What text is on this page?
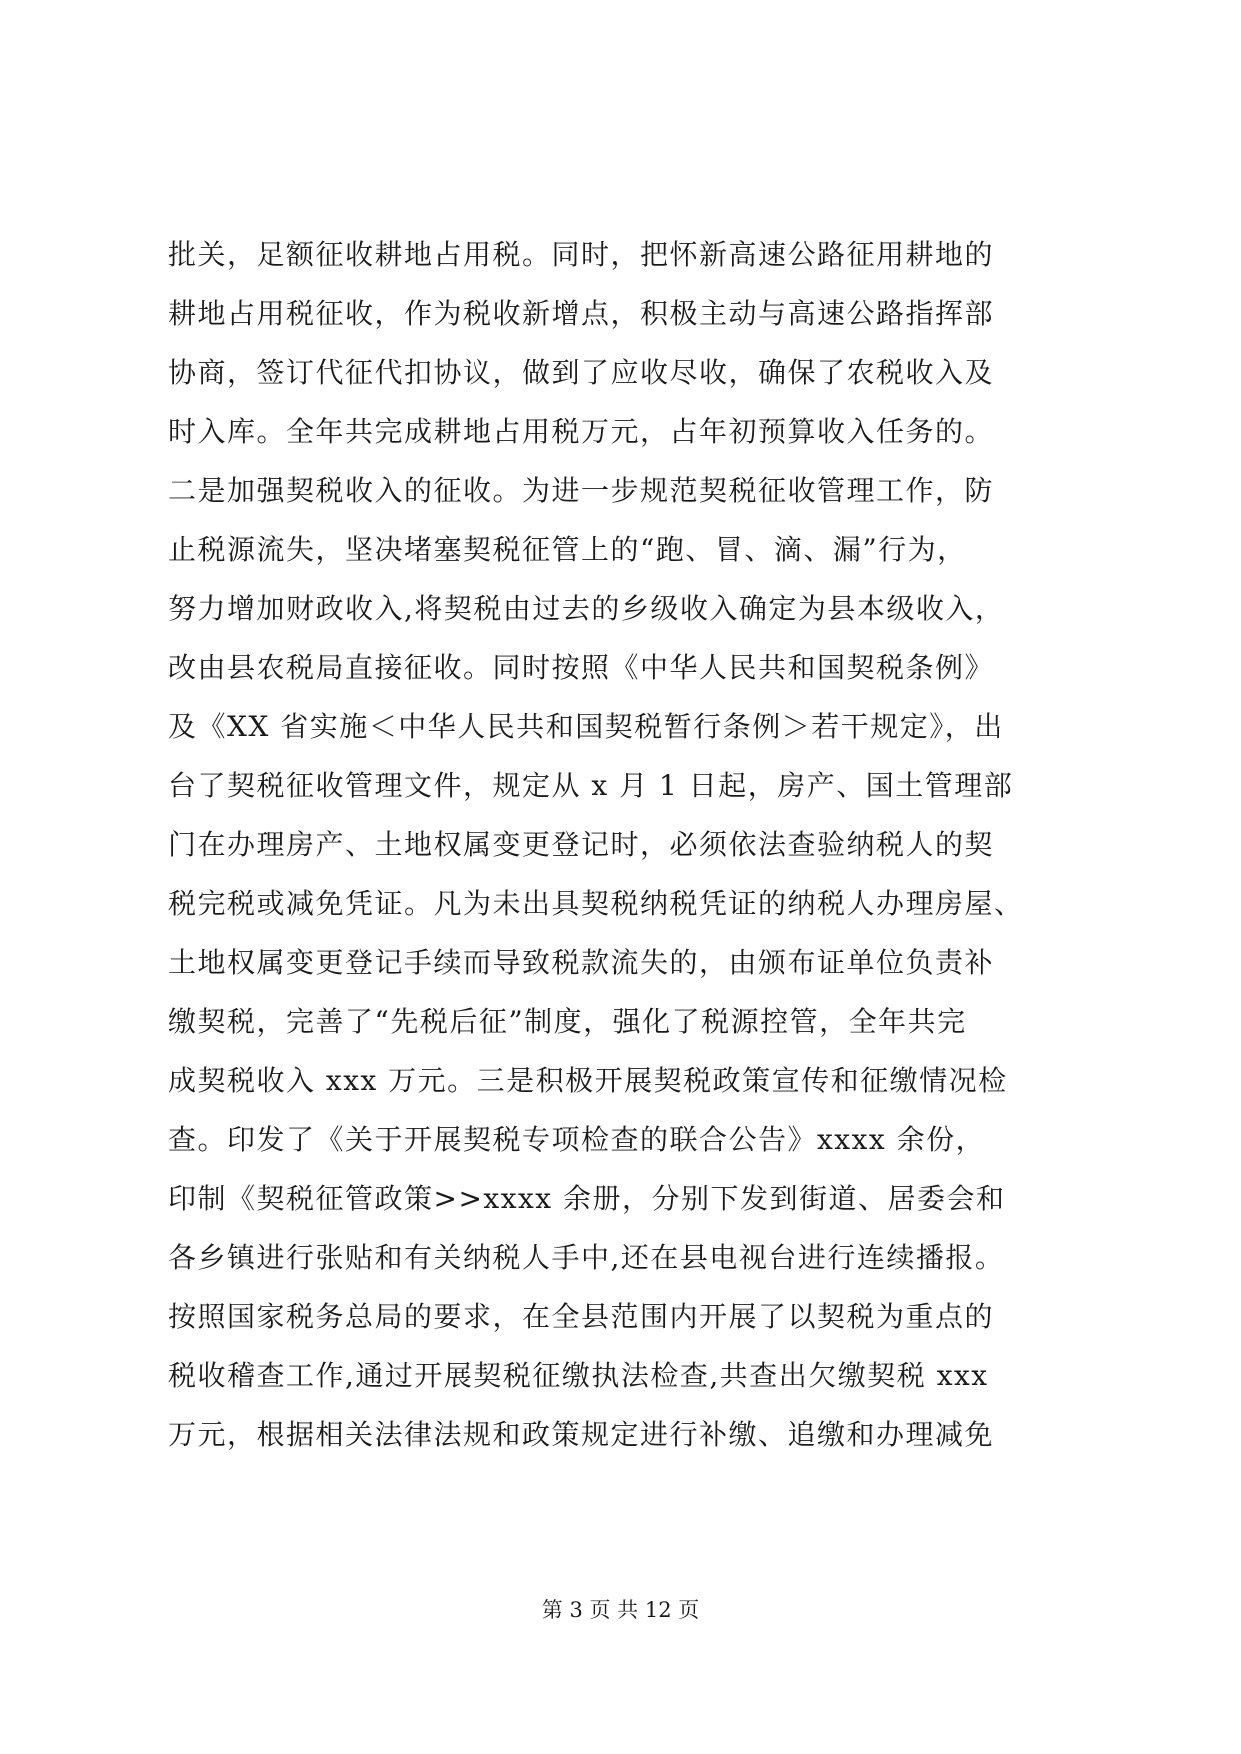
批关，足额征收耕地占用税。同时，把怀新高速公路征用耕地的
耕地占用税征收，作为税收新增点，积极主动与高速公路指挥部
协商，签订代征代扣协议，做到了应收尽收，确保了农税收入及
时入库。全年共完成耕地占用税万元，占年初预算收入任务的。
二是加强契税收入的征收。为进一步规范契税征收管理工作，防
止税源流失，坚决堵塞契税征管上的“跑、冒、滴、漏”行为，
努力增加财政收入,将契税由过去的乡级收入确定为县本级收入，
改由县农税局直接征收。同时按照《中华人民共和国契税条例》
及《XX 省实施＜中华人民共和国契税暂行条例＞若干规定》，出
台了契税征收管理文件，规定从 x 月 1 日起，房产、国土管理部
门在办理房产、土地权属变更登记时，必须依法查验纳税人的契
税完税或减免凭证。凡为未出具契税纳税凭证的纳税人办理房屋、
土地权属变更登记手续而导致税款流失的，由颁布证单位负责补
缴契税，完善了“先税后征”制度，强化了税源控管，全年共完
成契税收入 xxx 万元。三是积极开展契税政策宣传和征缴情况检
查。印发了《关于开展契税专项检查的联合公告》xxxx 余份，
印制《契税征管政策>>xxxx 余册，分别下发到街道、居委会和
各乡镇进行张贴和有关纳税人手中,还在县电视台进行连续播报。
按照国家税务总局的要求，在全县范围内开展了以契税为重点的
税收稽查工作,通过开展契税征缴执法检查,共查出欠缴契税 xxx
万元，根据相关法律法规和政策规定进行补缴、追缴和办理减免
第 3 页 共 12 页
